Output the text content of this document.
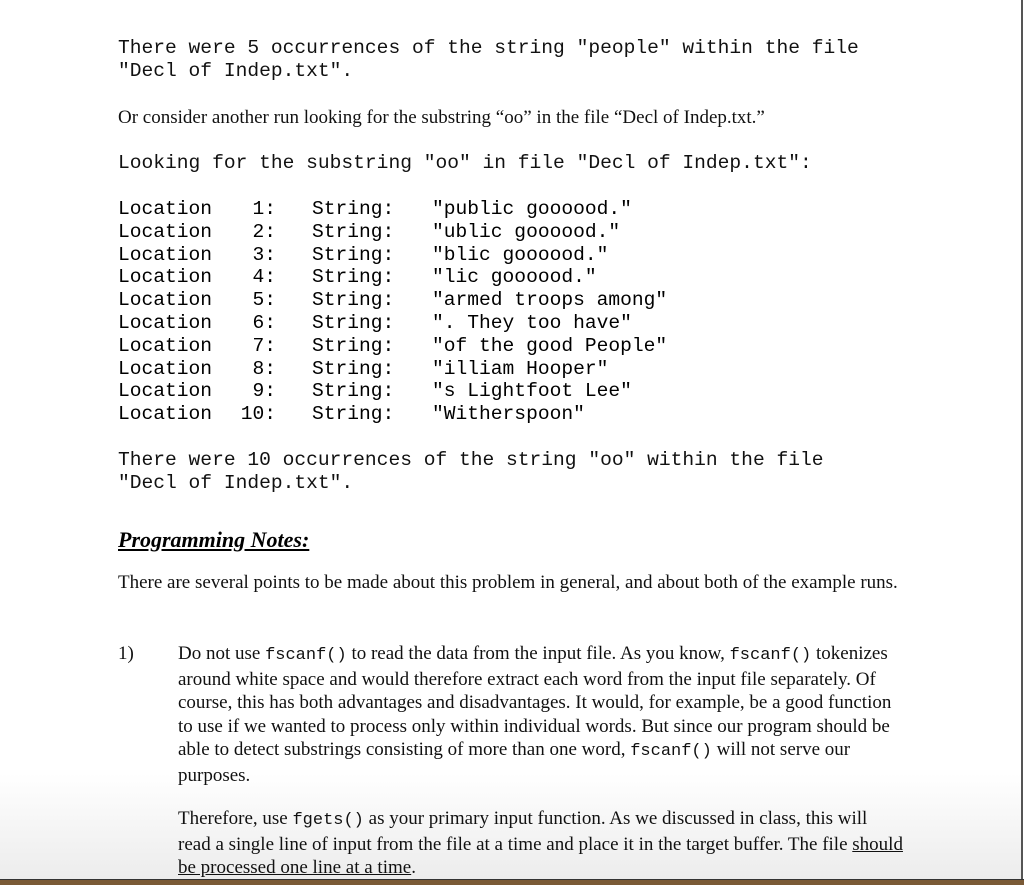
There were 5 occurrences of the string "people" within the file
"Decl of Indep.txt".
Or consider another run looking for the substring “oo” in the file “Decl of Indep.txt.”
Looking for the substring "oo" in file "Decl of Indep.txt":
Location	1: String: "public goooood."
Location	2: String: "ublic goooood."
Location	3: String: "blic goooood."
Location	4: String: "lic goooood."
Location	5: String: "armed troops among"
Location	6: String: ". They too have"
Location	7: String: "of the good People"
Location	8: String: "illiam Hooper"
Location	9: String: "s Lightfoot Lee"
Location 10: String: "Witherspoon"
There were 10 occurrences of the string "oo" within the file
"Decl of Indep.txt".
Programming Notes:
There are several points to be made about this problem in general, and about both of the example runs.
1) Do not use fscanf() to read the data from the input file. As you know, fscanf() tokenizes around white space and would therefore extract each word from the input file separately. Of course, this has both advantages and disadvantages. It would, for example, be a good function to use if we wanted to process only within individual words. But since our program should be able to detect substrings consisting of more than one word, fscanf() will not serve our purposes.
Therefore, use fgets() as your primary input function. As we discussed in class, this will read a single line of input from the file at a time and place it in the target buffer. The file should be processed one line at a time.
